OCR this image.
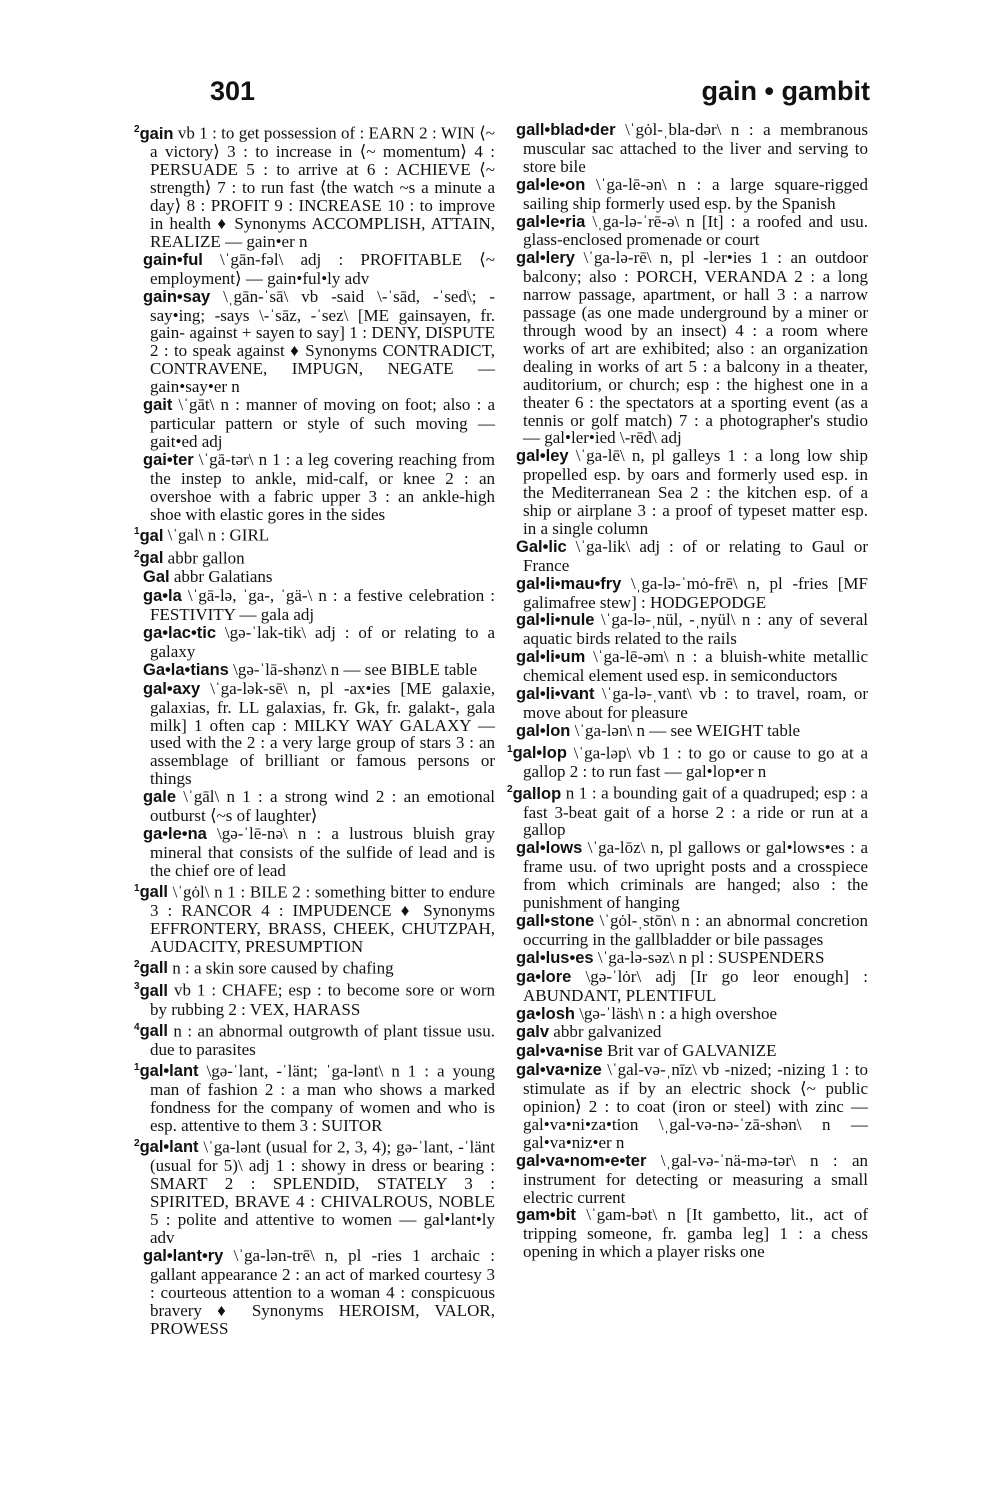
301	gain • gambit

$^2$gain vb 1 : to get possession of : EARN 2 : WIN ⟨~ a victory⟩ 3 : to increase in ⟨~ momentum⟩ 4 : PERSUADE 5 : to arrive at 6 : ACHIEVE ⟨~ strength⟩ 7 : to run fast ⟨the watch ~s a minute a day⟩ 8 : PROFIT 9 : INCREASE 10 : to improve in health ♦ Synonyms ACCOMPLISH, ATTAIN, REALIZE — gain•er n

gain•ful \ˈgān-fəl\ adj : PROFITABLE ⟨~ employment⟩ — gain•ful•ly adv

gain•say \ˌgān-ˈsā\ vb -said \-ˈsād, -ˈsed\; -say•ing; -says \-ˈsāz, -ˈsez\ [ME gainsayen, fr. gain- against + sayen to say] 1 : DENY, DISPUTE 2 : to speak against ♦ Synonyms CONTRADICT, CONTRAVENE, IMPUGN, NEGATE — gain•say•er n

gait \ˈgāt\ n : manner of moving on foot; also : a particular pattern or style of such moving — gait•ed adj

gai•ter \ˈgā-tər\ n 1 : a leg covering reaching from the instep to ankle, mid-calf, or knee 2 : an overshoe with a fabric upper 3 : an ankle-high shoe with elastic gores in the sides

$^1$gal \ˈgal\ n : GIRL

$^2$gal abbr gallon

Gal abbr Galatians

ga•la \ˈgā-lə, ˈga-, ˈgä-\ n : a festive celebration : FESTIVITY — gala adj

ga•lac•tic \gə-ˈlak-tik\ adj : of or relating to a galaxy

Ga•la•tians \gə-ˈlā-shənz\ n — see BIBLE table

gal•axy \ˈga-lək-sē\ n, pl -ax•ies [ME galaxie, galaxias, fr. LL galaxias, fr. Gk, fr. galakt-, gala milk] 1 often cap : MILKY WAY GALAXY — used with the 2 : a very large group of stars 3 : an assemblage of brilliant or famous persons or things

gale \ˈgāl\ n 1 : a strong wind 2 : an emotional outburst ⟨~s of laughter⟩

ga•le•na \gə-ˈlē-nə\ n : a lustrous bluish gray mineral that consists of the sulfide of lead and is the chief ore of lead

$^1$gall \ˈgȯl\ n 1 : BILE 2 : something bitter to endure 3 : RANCOR 4 : IMPUDENCE ♦ Synonyms EFFRONTERY, BRASS, CHEEK, CHUTZPAH, AUDACITY, PRESUMPTION

$^2$gall n : a skin sore caused by chafing

$^3$gall vb 1 : CHAFE; esp : to become sore or worn by rubbing 2 : VEX, HARASS

$^4$gall n : an abnormal outgrowth of plant tissue usu. due to parasites

$^1$gal•lant \gə-ˈlant, -ˈlänt; ˈga-lənt\ n 1 : a young man of fashion 2 : a man who shows a marked fondness for the company of women and who is esp. attentive to them 3 : SUITOR

$^2$gal•lant \ˈga-lənt (usual for 2, 3, 4); gə-ˈlant, -ˈlänt (usual for 5)\ adj 1 : showy in dress or bearing : SMART 2 : SPLENDID, STATELY 3 : SPIRITED, BRAVE 4 : CHIVALROUS, NOBLE 5 : polite and attentive to women — gal•lant•ly adv

gal•lant•ry \ˈga-lən-trē\ n, pl -ries 1 archaic : gallant appearance 2 : an act of marked courtesy 3 : courteous attention to a woman 4 : conspicuous bravery ♦ Synonyms HEROISM, VALOR, PROWESS

gall•blad•der \ˈgȯl-ˌbla-dər\ n : a membranous muscular sac attached to the liver and serving to store bile

gal•le•on \ˈga-lē-ən\ n : a large square-rigged sailing ship formerly used esp. by the Spanish

gal•le•ria \ˌga-lə-ˈrē-ə\ n [It] : a roofed and usu. glass-enclosed promenade or court

gal•lery \ˈga-lə-rē\ n, pl -ler•ies 1 : an outdoor balcony; also : PORCH, VERANDA 2 : a long narrow passage, apartment, or hall 3 : a narrow passage (as one made underground by a miner or through wood by an insect) 4 : a room where works of art are exhibited; also : an organization dealing in works of art 5 : a balcony in a theater, auditorium, or church; esp : the highest one in a theater 6 : the spectators at a sporting event (as a tennis or golf match) 7 : a photographer's studio — gal•ler•ied \-rēd\ adj

gal•ley \ˈga-lē\ n, pl galleys 1 : a long low ship propelled esp. by oars and formerly used esp. in the Mediterranean Sea 2 : the kitchen esp. of a ship or airplane 3 : a proof of typeset matter esp. in a single column

Gal•lic \ˈga-lik\ adj : of or relating to Gaul or France

gal•li•mau•fry \ˌga-lə-ˈmȯ-frē\ n, pl -fries [MF galimafree stew] : HODGEPODGE

gal•li•nule \ˈga-lə-ˌnül, -ˌnyül\ n : any of several aquatic birds related to the rails

gal•li•um \ˈga-lē-əm\ n : a bluish-white metallic chemical element used esp. in semiconductors

gal•li•vant \ˈga-lə-ˌvant\ vb : to travel, roam, or move about for pleasure

gal•lon \ˈga-lən\ n — see WEIGHT table

$^1$gal•lop \ˈga-ləp\ vb 1 : to go or cause to go at a gallop 2 : to run fast — gal•lop•er n

$^2$gallop n 1 : a bounding gait of a quadruped; esp : a fast 3-beat gait of a horse 2 : a ride or run at a gallop

gal•lows \ˈga-lōz\ n, pl gallows or gal•lows•es : a frame usu. of two upright posts and a crosspiece from which criminals are hanged; also : the punishment of hanging

gall•stone \ˈgȯl-ˌstōn\ n : an abnormal concretion occurring in the gallbladder or bile passages

gal•lus•es \ˈga-lə-səz\ n pl : SUSPENDERS

ga•lore \gə-ˈlȯr\ adj [Ir go leor enough] : ABUNDANT, PLENTIFUL

ga•losh \gə-ˈläsh\ n : a high overshoe

galv abbr galvanized

gal•va•nise Brit var of GALVANIZE

gal•va•nize \ˈgal-və-ˌnīz\ vb -nized; -nizing 1 : to stimulate as if by an electric shock ⟨~ public opinion⟩ 2 : to coat (iron or steel) with zinc — gal•va•ni•za•tion \ˌgal-və-nə-ˈzā-shən\ n — gal•va•niz•er n

gal•va•nom•e•ter \ˌgal-və-ˈnä-mə-tər\ n : an instrument for detecting or measuring a small electric current

gam•bit \ˈgam-bət\ n [It gambetto, lit., act of tripping someone, fr. gamba leg] 1 : a chess opening in which a player risks one
